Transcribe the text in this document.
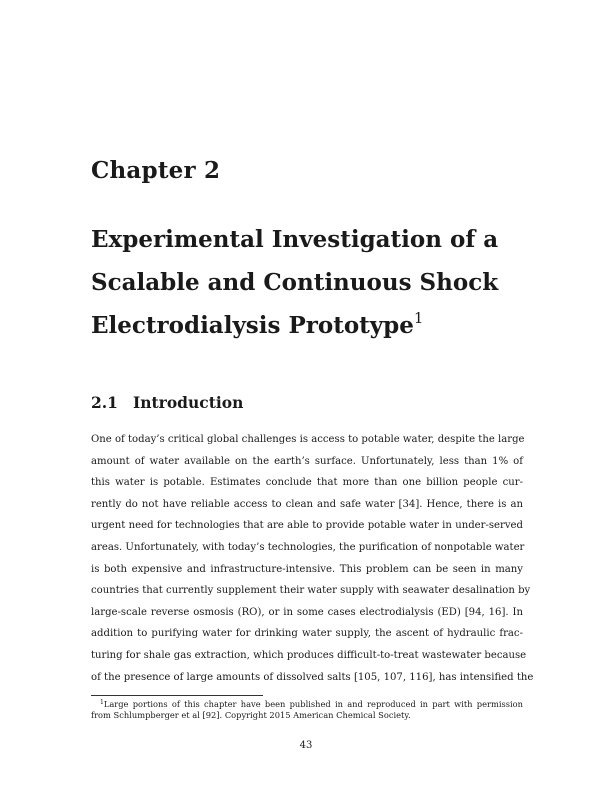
Chapter 2
Experimental Investigation of a
Scalable and Continuous Shock
Electrodialysis Prototype$^1$
2.1 Introduction
One of today’s critical global challenges is access to potable water, despite the large
amount of water available on the earth’s surface. Unfortunately, less than 1% of
this water is potable. Estimates conclude that more than one billion people cur-
rently do not have reliable access to clean and safe water [34]. Hence, there is an
urgent need for technologies that are able to provide potable water in under-served
areas. Unfortunately, with today’s technologies, the purification of nonpotable water
is both expensive and infrastructure-intensive. This problem can be seen in many
countries that currently supplement their water supply with seawater desalination by
large-scale reverse osmosis (RO), or in some cases electrodialysis (ED) [94, 16]. In
addition to purifying water for drinking water supply, the ascent of hydraulic frac-
turing for shale gas extraction, which produces difficult-to-treat wastewater because
of the presence of large amounts of dissolved salts [105, 107, 116], has intensified the
$^1$Large portions of this chapter have been published in and reproduced in part with permission
from Schlumpberger et al [92]. Copyright 2015 American Chemical Society.
43
